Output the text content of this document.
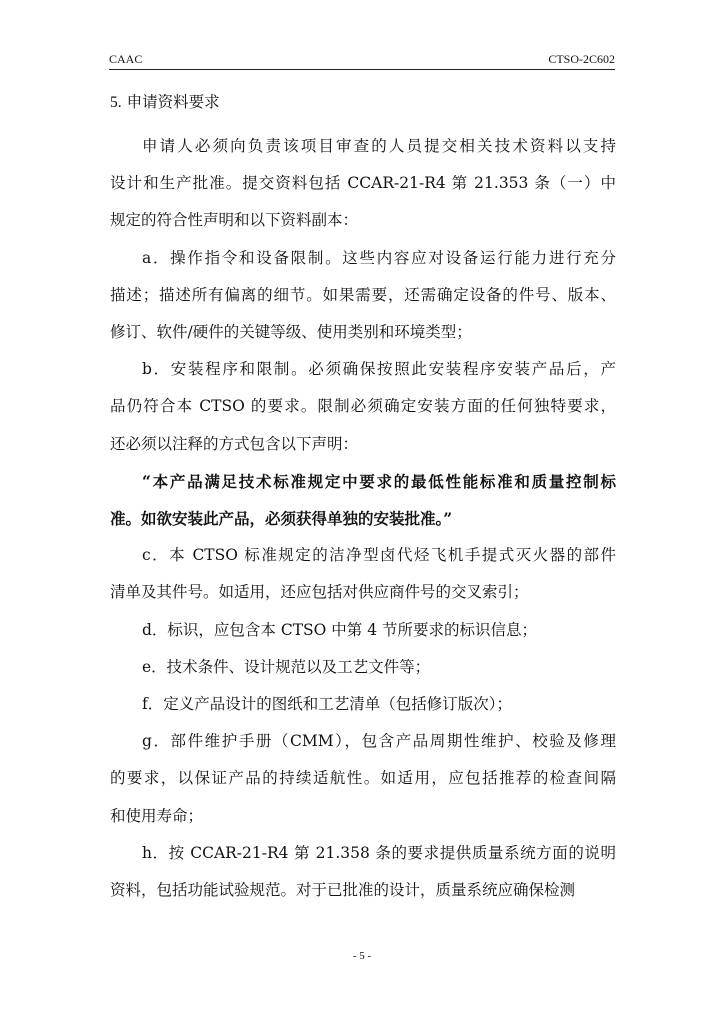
CAAC	CTSO-2C602
5. 申请资料要求
申请人必须向负责该项目审查的人员提交相关技术资料以支持
设计和生产批准。提交资料包括 CCAR-21-R4 第 21.353 条（一）中
规定的符合性声明和以下资料副本：
a．操作指令和设备限制。这些内容应对设备运行能力进行充分
描述；描述所有偏离的细节。如果需要，还需确定设备的件号、版本、
修订、软件/硬件的关键等级、使用类别和环境类型；
b．安装程序和限制。必须确保按照此安装程序安装产品后，产
品仍符合本 CTSO 的要求。限制必须确定安装方面的任何独特要求，
还必须以注释的方式包含以下声明：
“本产品满足技术标准规定中要求的最低性能标准和质量控制标
准。如欲安装此产品，必须获得单独的安装批准。”
c．本 CTSO 标准规定的洁净型卤代烃飞机手提式灭火器的部件
清单及其件号。如适用，还应包括对供应商件号的交叉索引；
d．标识，应包含本 CTSO 中第 4 节所要求的标识信息；
e．技术条件、设计规范以及工艺文件等；
f．定义产品设计的图纸和工艺清单（包括修订版次）；
g．部件维护手册（CMM），包含产品周期性维护、校验及修理
的要求，以保证产品的持续适航性。如适用，应包括推荐的检查间隔
和使用寿命；
h．按 CCAR-21-R4 第 21.358 条的要求提供质量系统方面的说明
资料，包括功能试验规范。对于已批准的设计，质量系统应确保检测
- 5 -
